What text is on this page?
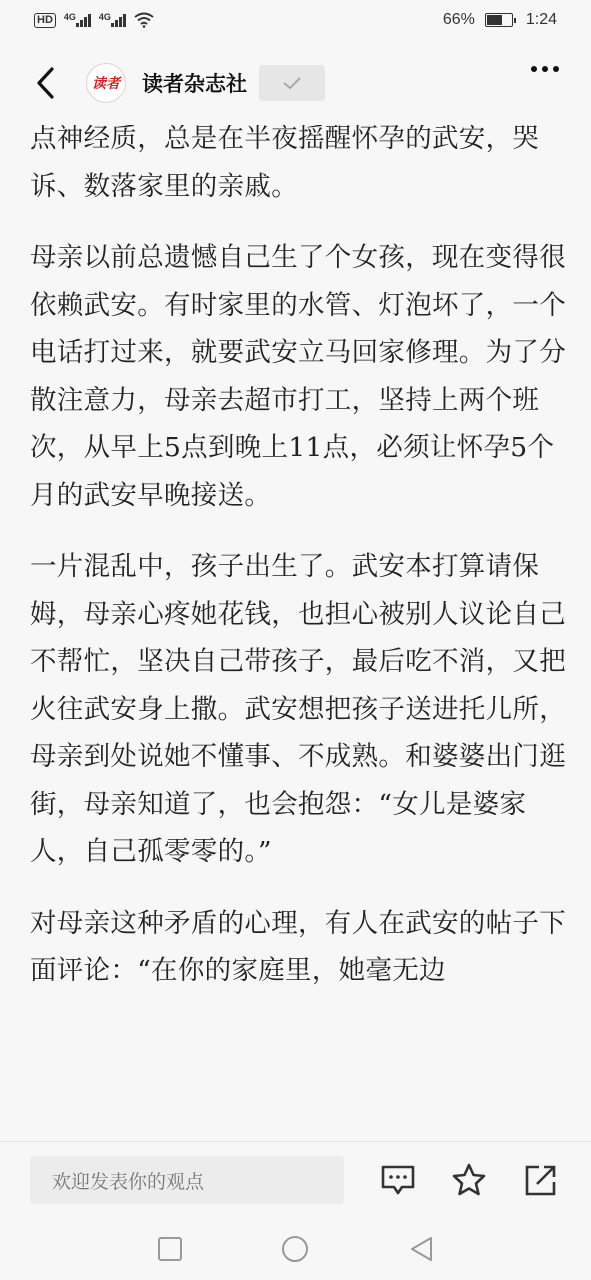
HD	4G	4G	66%	1:24
读者 读者杂志社

点神经质，总是在半夜摇醒怀孕的武安，哭诉、数落家里的亲戚。

母亲以前总遗憾自己生了个女孩，现在变得很依赖武安。有时家里的水管、灯泡坏了，一个电话打过来，就要武安立马回家修理。为了分散注意力，母亲去超市打工，坚持上两个班次，从早上5点到晚上11点，必须让怀孕5个月的武安早晚接送。

一片混乱中，孩子出生了。武安本打算请保姆，母亲心疼她花钱，也担心被别人议论自己不帮忙，坚决自己带孩子，最后吃不消，又把火往武安身上撒。武安想把孩子送进托儿所，母亲到处说她不懂事、不成熟。和婆婆出门逛街，母亲知道了，也会抱怨：“女儿是婆家人，自己孤零零的。”

对母亲这种矛盾的心理，有人在武安的帖子下面评论：“在你的家庭里，她毫无边

欢迎发表你的观点
